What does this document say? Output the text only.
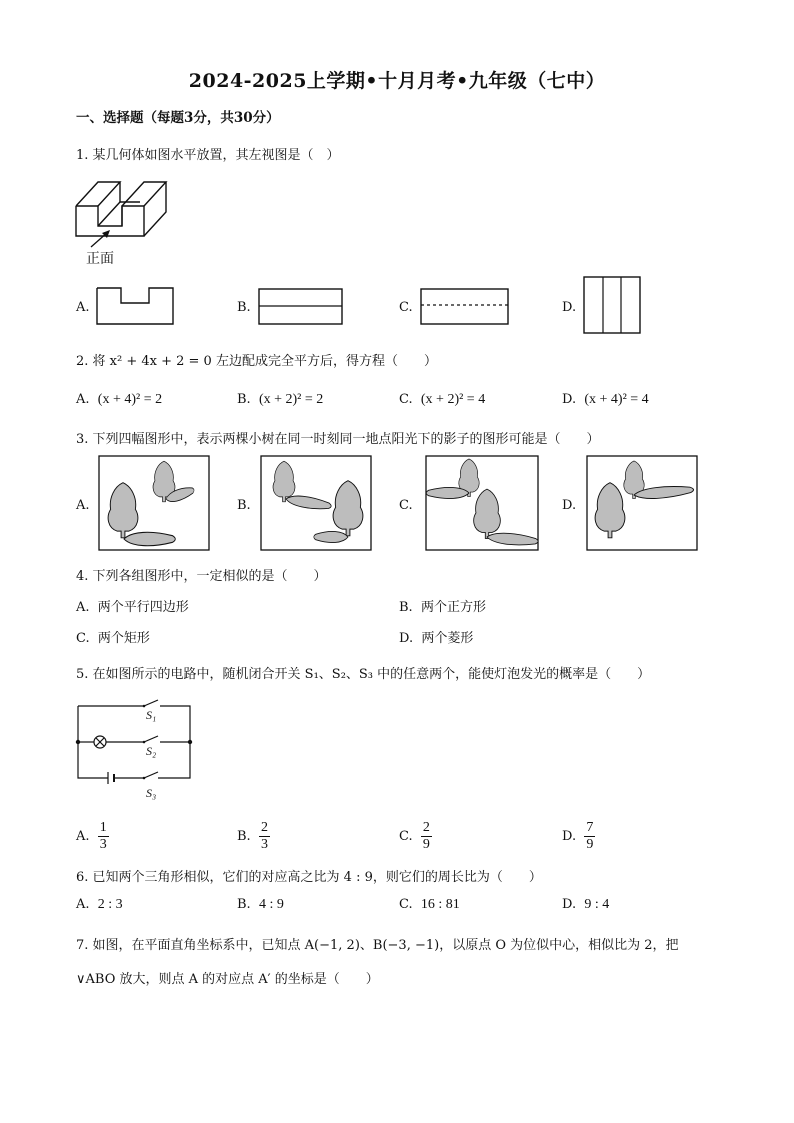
2024-2025上学期•十月月考•九年级（七中）
一、选择题（每题3分，共30分）
1. 某几何体如图水平放置，其左视图是（　）
正面
A.	B.	C.	D.
2. 将 x² + 4x + 2 = 0 左边配成完全平方后，得方程（　　）
A. (x + 4)² = 2	B. (x + 2)² = 2	C. (x + 2)² = 4	D. (x + 4)² = 4
3. 下列四幅图形中，表示两棵小树在同一时刻同一地点阳光下的影子的图形可能是（　　）
A.	B.	C.	D.
4. 下列各组图形中，一定相似的是（　　）
A. 两个平行四边形	B. 两个正方形
C. 两个矩形	D. 两个菱形
5. 在如图所示的电路中，随机闭合开关 S₁、S₂、S₃ 中的任意两个，能使灯泡发光的概率是（　　）
S₁
S₂
S₃
A. $\frac{1}{3}$	B. $\frac{2}{3}$	C. $\frac{2}{9}$	D. $\frac{7}{9}$
6. 已知两个三角形相似，它们的对应高之比为 4 : 9，则它们的周长比为（　　）
A. 2 : 3	B. 4 : 9	C. 16 : 81	D. 9 : 4
7. 如图，在平面直角坐标系中，已知点 A(−1, 2)、B(−3, −1)，以原点 O 为位似中心，相似比为 2，把
∨ABO 放大，则点 A 的对应点 A′ 的坐标是（　　）
